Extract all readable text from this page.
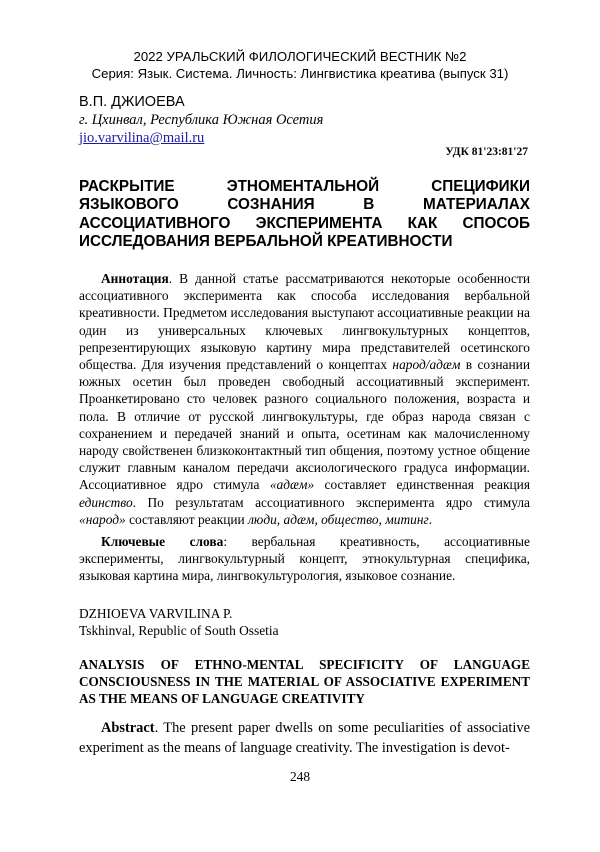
2022 УРАЛЬСКИЙ ФИЛОЛОГИЧЕСКИЙ ВЕСТНИК №2
Серия: Язык. Система. Личность: Лингвистика креатива (выпуск 31)
В.П. ДЖИОЕВА
г. Цхинвал, Республика Южная Осетия
jio.varvilina@mail.ru
УДК 81'23:81'27
РАСКРЫТИЕ ЭТНОМЕНТАЛЬНОЙ СПЕЦИФИКИ ЯЗЫКОВОГО СОЗНАНИЯ В МАТЕРИАЛАХ АССОЦИАТИВНОГО ЭКСПЕРИМЕНТА КАК СПОСОБ ИССЛЕДОВАНИЯ ВЕРБАЛЬНОЙ КРЕАТИВНОСТИ

Аннотация. В данной статье рассматриваются некоторые особенности ассоциативного эксперимента как способа исследования вербальной креативности. Предметом исследования выступают ассоциативные реакции на один из универсальных ключевых лингвокультурных концептов, репрезентирующих языковую картину мира представителей осетинского общества. Для изучения представлений о концептах народ/адæм в сознании южных осетин был проведен свободный ассоциативный эксперимент. Проанкетировано сто человек разного социального положения, возраста и пола. В отличие от русской лингвокультуры, где образ народа связан с сохранением и передачей знаний и опыта, осетинам как малочисленному народу свойственен близкоконтактный тип общения, поэтому устное общение служит главным каналом передачи аксиологического градуса информации. Ассоциативное ядро стимула «адæм» составляет единственная реакция единство. По результатам ассоциативного эксперимента ядро стимула «народ» составляют реакции люди, адæм, общество, митинг.

Ключевые слова: вербальная креативность, ассоциативные эксперименты, лингвокультурный концепт, этнокультурная специфика, языковая картина мира, лингвокультурология, языковое сознание.

DZHIOEVA VARVILINA P.
Tskhinval, Republic of South Ossetia
ANALYSIS OF ETHNO-MENTAL SPECIFICITY OF LANGUAGE CONSCIOUSNESS IN THE MATERIAL OF ASSOCIATIVE EXPERIMENT AS THE MEANS OF LANGUAGE CREATIVITY

Abstract. The present paper dwells on some peculiarities of associative experiment as the means of language creativity. The investigation is devot-

248
